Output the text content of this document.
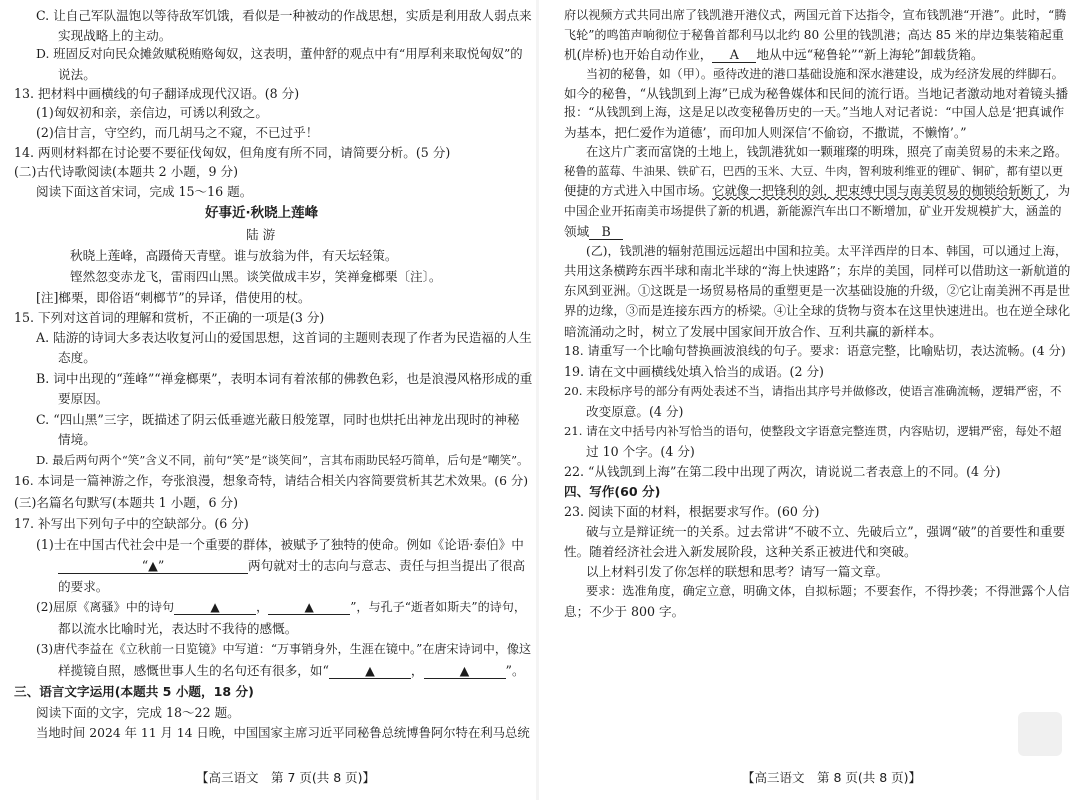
C. 让自己军队温饱以等待敌军饥饿，看似是一种被动的作战思想，实质是利用敌人弱点来
实现战略上的主动。
D. 班固反对向民众摊敛赋税贿赂匈奴，这表明，董仲舒的观点中有“用厚利来取悦匈奴”的
说法。
13. 把材料中画横线的句子翻译成现代汉语。(8 分)
(1)匈奴初和亲，亲信边，可诱以利致之。
(2)信甘言，守空约，而几胡马之不窥，不已过乎！
14. 两则材料都在讨论要不要征伐匈奴，但角度有所不同，请简要分析。(5 分)
(二)古代诗歌阅读(本题共 2 小题，9 分)
阅读下面这首宋词，完成 15～16 题。
好事近·秋晓上莲峰
陆 游
秋晓上莲峰，高蹑倚天青壁。谁与放翁为伴，有天坛轻策。
铿然忽变赤龙飞，雷雨四山黑。谈笑做成丰岁，笑禅龛榔栗〔注〕。
[注]榔栗，即俗语“刺榔节”的异译，借使用的杖。
15. 下列对这首词的理解和赏析，不正确的一项是(3 分)
A. 陆游的诗词大多表达收复河山的爱国思想，这首词的主题则表现了作者为民造福的人生
态度。
B. 词中出现的“莲峰”“禅龛榔栗”，表明本词有着浓郁的佛教色彩，也是浪漫风格形成的重
要原因。
C. “四山黑”三字，既描述了阴云低垂遮光蔽日般笼罩，同时也烘托出神龙出现时的神秘
情境。
D. 最后两句两个“笑”含义不同，前句“笑”是“谈笑间”，言其布雨助民轻巧简单，后句是“嘲笑”。
16. 本词是一篇神游之作，夸张浪漫，想象奇特，请结合相关内容简要赏析其艺术效果。(6 分)
(三)名篇名句默写(本题共 1 小题，6 分)
17. 补写出下列句子中的空缺部分。(6 分)
(1)士在中国古代社会中是一个重要的群体，被赋予了独特的使命。例如《论语·泰伯》中
“▲”	两句就对士的志向与意志、责任与担当提出了很高
的要求。
(2)屈原《离骚》中的诗句	▲	，	▲	”，与孔子“逝者如斯夫”的诗句，
都以流水比喻时光，表达时不我待的感慨。
(3)唐代李益在《立秋前一日览镜》中写道：“万事销身外，生涯在镜中。”在唐宋诗词中，像这
样揽镜自照，感慨世事人生的名句还有很多，如“	▲	，	▲	”。
三、语言文字运用(本题共 5 小题，18 分)
阅读下面的文字，完成 18～22 题。
当地时间 2024 年 11 月 14 日晚，中国国家主席习近平同秘鲁总统博鲁阿尔特在利马总统
【高三语文　第 7 页(共 8 页)】
府以视频方式共同出席了钱凯港开港仪式，两国元首下达指令，宣布钱凯港“开港”。此时，“腾
飞轮”的鸣笛声响彻位于秘鲁首都利马以北约 80 公里的钱凯港；高达 85 米的岸边集装箱起重
机(岸桥)也开始自动作业， A 地从中远“秘鲁轮”“新上海轮”卸载货箱。
当初的秘鲁，如（甲）。亟待改进的港口基础设施和深水港建设，成为经济发展的绊脚石。
如今的秘鲁，“从钱凯到上海”已成为秘鲁媒体和民间的流行语。当地记者激动地对着镜头播
报：“从钱凯到上海，这是足以改变秘鲁历史的一天。”当地人对记者说：“中国人总是‘把真诚作
为基本，把仁爱作为道德’，而印加人则深信‘不偷窃，不撒谎，不懒惰’。”
在这片广袤而富饶的土地上，钱凯港犹如一颗璀璨的明珠，照亮了南美贸易的未来之路。
秘鲁的蓝莓、牛油果、铁矿石，巴西的玉米、大豆、牛肉，智利玻利维亚的锂矿、铜矿，都有望以更
便捷的方式进入中国市场。它就像一把锋利的剑，把束缚中国与南美贸易的枷锁给斩断了，为
中国企业开拓南美市场提供了新的机遇，新能源汽车出口不断增加，矿业开发规模扩大，涵盖的
领域 B
(乙)，钱凯港的辐射范围远远超出中国和拉美。太平洋西岸的日本、韩国，可以通过上海，
共用这条横跨东西半球和南北半球的“海上快速路”；东岸的美国，同样可以借助这一新航道的
东风到亚洲。①这既是一场贸易格局的重塑更是一次基础设施的升级，②它让南美洲不再是世
界的边缘，③而是连接东西方的桥梁。④让全球的货物与资本在这里快速进出。也在逆全球化
暗流涌动之时，树立了发展中国家间开放合作、互利共赢的新样本。
18. 请重写一个比喻句替换画波浪线的句子。要求：语意完整，比喻贴切，表达流畅。(4 分)
19. 请在文中画横线处填入恰当的成语。(2 分)
20. 末段标序号的部分有两处表述不当，请指出其序号并做修改，使语言准确流畅，逻辑严密，不
改变原意。(4 分)
21. 请在文中括号内补写恰当的语句，使整段文字语意完整连贯，内容贴切，逻辑严密，每处不超
过 10 个字。(4 分)
22. “从钱凯到上海”在第二段中出现了两次，请说说二者表意上的不同。(4 分)
四、写作(60 分)
23. 阅读下面的材料，根据要求写作。(60 分)
破与立是辩证统一的关系。过去常讲“不破不立、先破后立”，强调“破”的首要性和重要
性。随着经济社会进入新发展阶段，这种关系正被进代和突破。
以上材料引发了你怎样的联想和思考？请写一篇文章。
要求：选准角度，确定立意，明确文体，自拟标题；不要套作，不得抄袭；不得泄露个人信
息；不少于 800 字。
【高三语文　第 8 页(共 8 页)】
